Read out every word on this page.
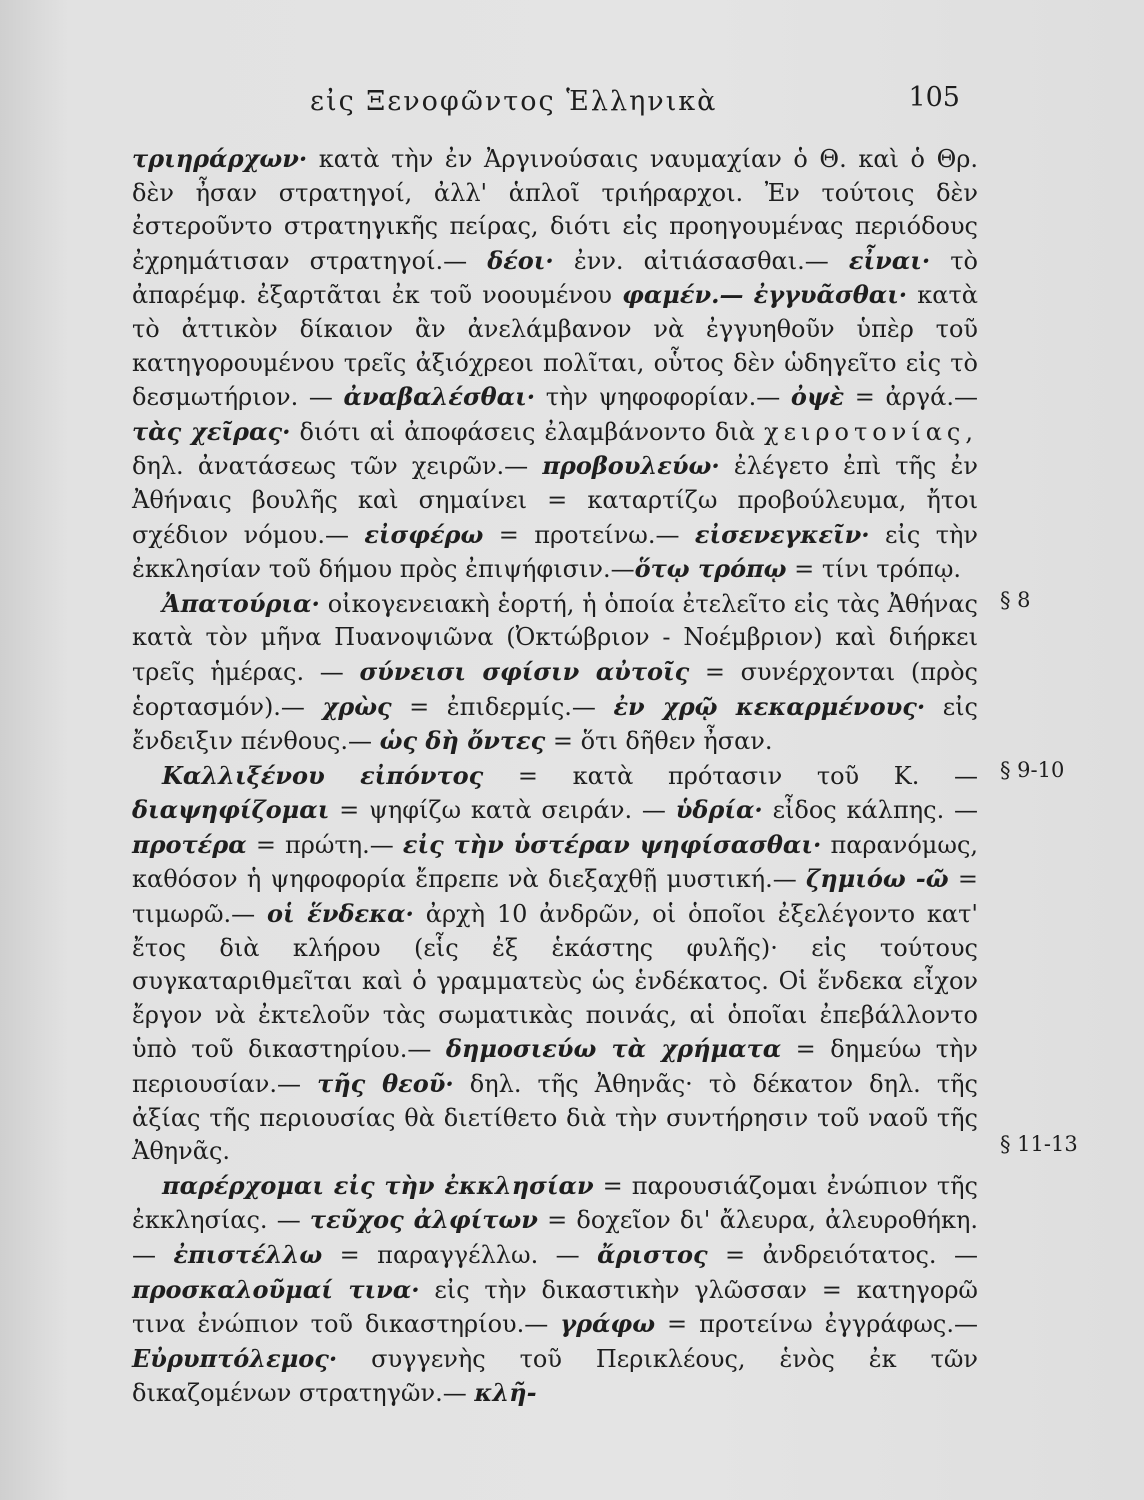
εἰς Ξενοφῶντος Ἑλληνικὰ	105

τριηράρχων· κατὰ τὴν ἐν Ἀργινούσαις ναυμαχίαν ὁ Θ. καὶ ὁ Θρ. δὲν ἦσαν στρατηγοί, ἀλλ' ἁπλοῖ τριήραρχοι. Ἐν τούτοις δὲν ἐστεροῦντο στρατηγικῆς πείρας, διότι εἰς προηγουμένας περιόδους ἐχρημάτισαν στρατηγοί.— δέοι· ἐνν. αἰτιάσασθαι.— εἶναι· τὸ ἀπαρέμφ. ἐξαρτᾶται ἐκ τοῦ νοουμένου φαμέν.— ἐγγυᾶσθαι· κατὰ τὸ ἀττικὸν δίκαιον ἂν ἀνελάμβανον νὰ ἐγγυηθοῦν ὑπὲρ τοῦ κατηγορουμένου τρεῖς ἀξιόχρεοι πολῖται, οὗτος δὲν ὡδηγεῖτο εἰς τὸ δεσμωτήριον. — ἀναβαλέσθαι· τὴν ψηφοφορίαν.— ὀψὲ = ἀργά.— τὰς χεῖρας· διότι αἱ ἀποφάσεις ἐλαμβάνοντο διὰ χειροτονίας, δηλ. ἀνατάσεως τῶν χειρῶν.— προβουλεύω· ἐλέγετο ἐπὶ τῆς ἐν Ἀθήναις βουλῆς καὶ σημαίνει = καταρτίζω προβούλευμα, ἤτοι σχέδιον νόμου.— εἰσφέρω = προτείνω.— εἰσενεγκεῖν· εἰς τὴν ἐκκλησίαν τοῦ δήμου πρὸς ἐπιψήφισιν.—ὅτῳ τρόπῳ = τίνι τρόπῳ.

Ἀπατούρια· οἰκογενειακὴ ἑορτή, ἡ ὁποία ἐτελεῖτο εἰς τὰς Ἀθήνας κατὰ τὸν μῆνα Πυανοψιῶνα (Ὀκτώβριον - Νοέμβριον) καὶ διήρκει τρεῖς ἡμέρας. — σύνεισι σφίσιν αὐτοῖς = συνέρχονται (πρὸς ἑορτασμόν).— χρὼς = ἐπιδερμίς.— ἐν χρῷ κεκαρμένους· εἰς ἔνδειξιν πένθους.— ὡς δὴ ὄντες = ὅτι δῆθεν ἦσαν.

Καλλιξένου εἰπόντος = κατὰ πρότασιν τοῦ Κ. — διαψηφίζομαι = ψηφίζω κατὰ σειράν. — ὑδρία· εἶδος κάλπης. — προτέρα = πρώτη.— εἰς τὴν ὑστέραν ψηφίσασθαι· παρανόμως, καθόσον ἡ ψηφοφορία ἔπρεπε νὰ διεξαχθῇ μυστική.— ζημιόω -ῶ = τιμωρῶ.— οἱ ἕνδεκα· ἀρχὴ 10 ἀνδρῶν, οἱ ὁποῖοι ἐξελέγοντο κατ' ἔτος διὰ κλήρου (εἷς ἐξ ἑκάστης φυλῆς)· εἰς τούτους συγκαταριθμεῖται καὶ ὁ γραμματεὺς ὡς ἑνδέκατος. Οἱ ἕνδεκα εἶχον ἔργον νὰ ἐκτελοῦν τὰς σωματικὰς ποινάς, αἱ ὁποῖαι ἐπεβάλλοντο ὑπὸ τοῦ δικαστηρίου.— δημοσιεύω τὰ χρήματα = δημεύω τὴν περιουσίαν.— τῆς θεοῦ· δηλ. τῆς Ἀθηνᾶς· τὸ δέκατον δηλ. τῆς ἀξίας τῆς περιουσίας θὰ διετίθετο διὰ τὴν συντήρησιν τοῦ ναοῦ τῆς Ἀθηνᾶς.

παρέρχομαι εἰς τὴν ἐκκλησίαν = παρουσιάζομαι ἐνώπιον τῆς ἐκκλησίας. — τεῦχος ἀλφίτων = δοχεῖον δι' ἄλευρα, ἀλευροθήκη. — ἐπιστέλλω = παραγγέλλω. — ἄριστος = ἀνδρειότατος. — προσκαλοῦμαί τινα· εἰς τὴν δικαστικὴν γλῶσσαν = κατηγορῶ τινα ἐνώπιον τοῦ δικαστηρίου.— γράφω = προτείνω ἐγγράφως.— Εὐρυπτόλεμος· συγγενὴς τοῦ Περικλέους, ἑνὸς ἐκ τῶν δικαζομένων στρατηγῶν.— κλῆ-

§ 8
§ 9-10
§ 11-13
